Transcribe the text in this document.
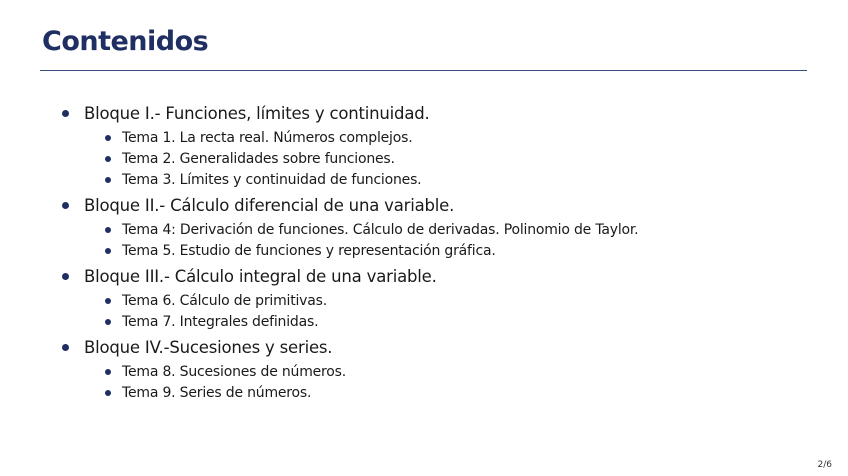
Contenidos
Bloque I.- Funciones, límites y continuidad.
Tema 1. La recta real. Números complejos.
Tema 2. Generalidades sobre funciones.
Tema 3. Límites y continuidad de funciones.
Bloque II.- Cálculo diferencial de una variable.
Tema 4: Derivación de funciones. Cálculo de derivadas. Polinomio de Taylor.
Tema 5. Estudio de funciones y representación gráfica.
Bloque III.- Cálculo integral de una variable.
Tema 6. Cálculo de primitivas.
Tema 7. Integrales definidas.
Bloque IV.-Sucesiones y series.
Tema 8. Sucesiones de números.
Tema 9. Series de números.
2/6
